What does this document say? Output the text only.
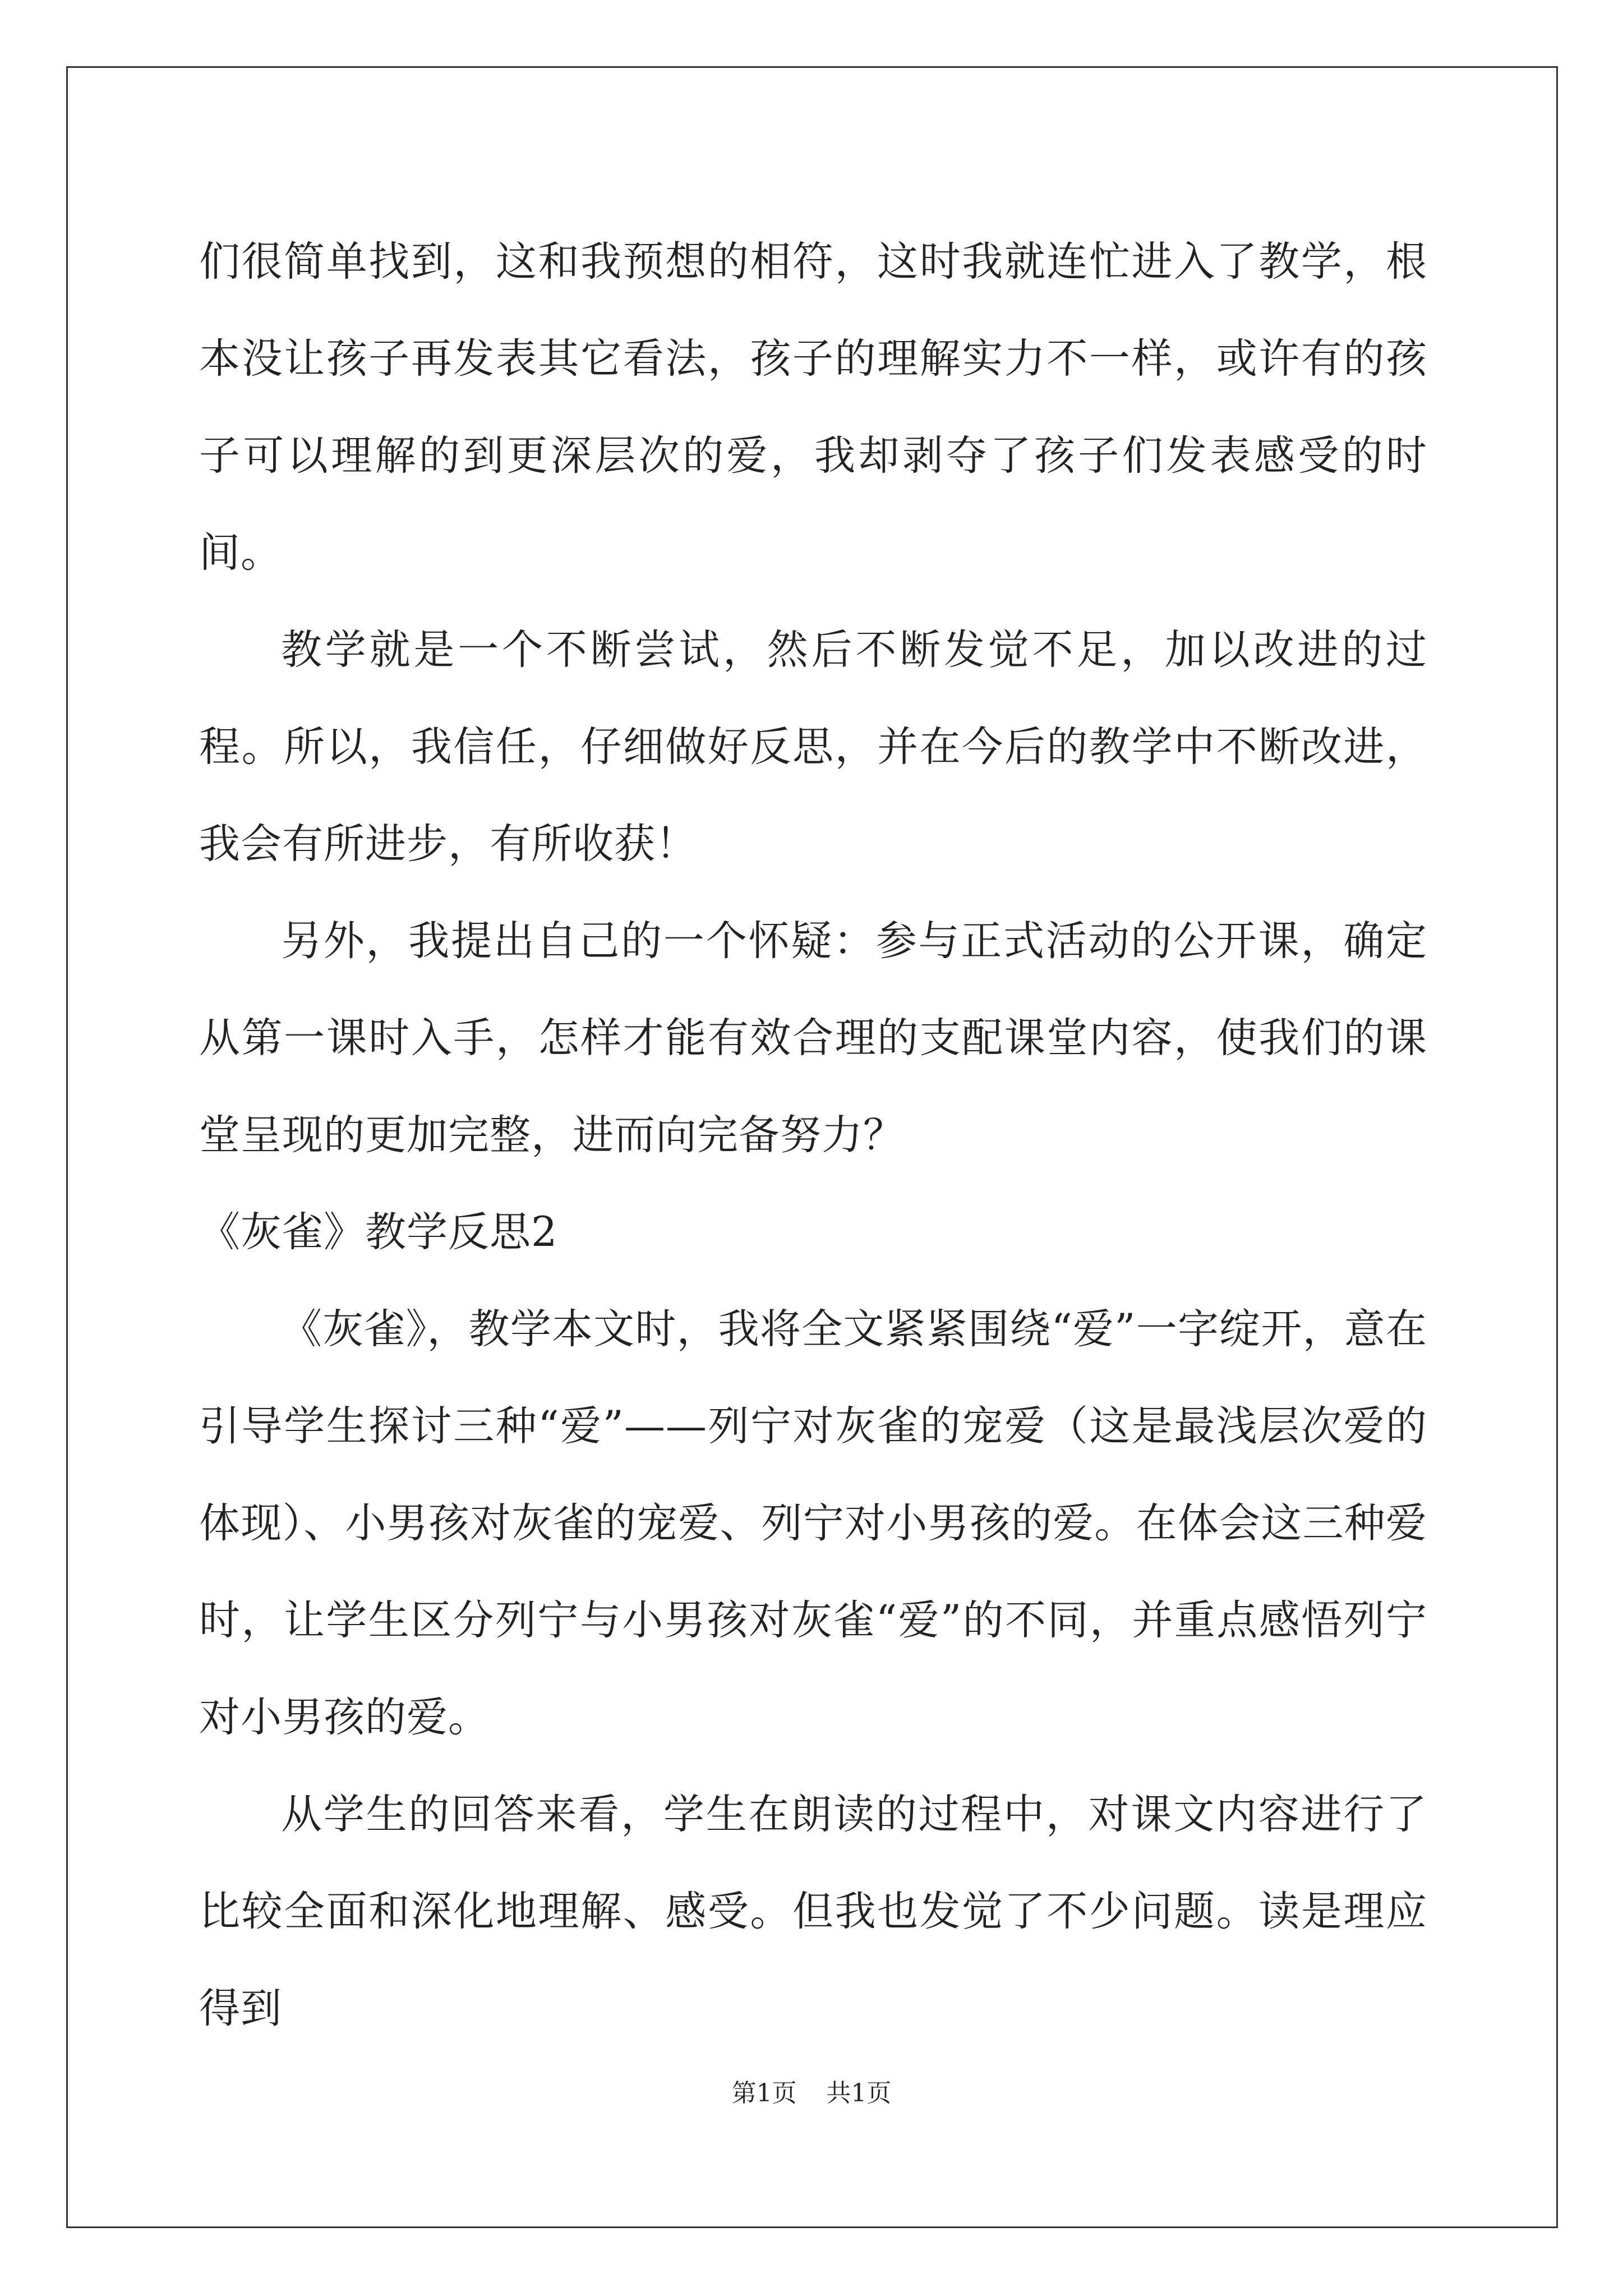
们很简单找到，这和我预想的相符，这时我就连忙进入了教学，根本没让孩子再发表其它看法，孩子的理解实力不一样，或许有的孩子可以理解的到更深层次的爱，我却剥夺了孩子们发表感受的时间。

教学就是一个不断尝试，然后不断发觉不足，加以改进的过程。所以，我信任，仔细做好反思，并在今后的教学中不断改进，我会有所进步，有所收获！

另外，我提出自己的一个怀疑：参与正式活动的公开课，确定从第一课时入手，怎样才能有效合理的支配课堂内容，使我们的课堂呈现的更加完整，进而向完备努力？

《灰雀》教学反思2

《灰雀》，教学本文时，我将全文紧紧围绕“爱”一字绽开，意在引导学生探讨三种“爱”——列宁对灰雀的宠爱（这是最浅层次爱的体现）、小男孩对灰雀的宠爱、列宁对小男孩的爱。在体会这三种爱时，让学生区分列宁与小男孩对灰雀“爱”的不同，并重点感悟列宁对小男孩的爱。

从学生的回答来看，学生在朗读的过程中，对课文内容进行了比较全面和深化地理解、感受。但我也发觉了不少问题。读是理应得到

第1页 共1页
